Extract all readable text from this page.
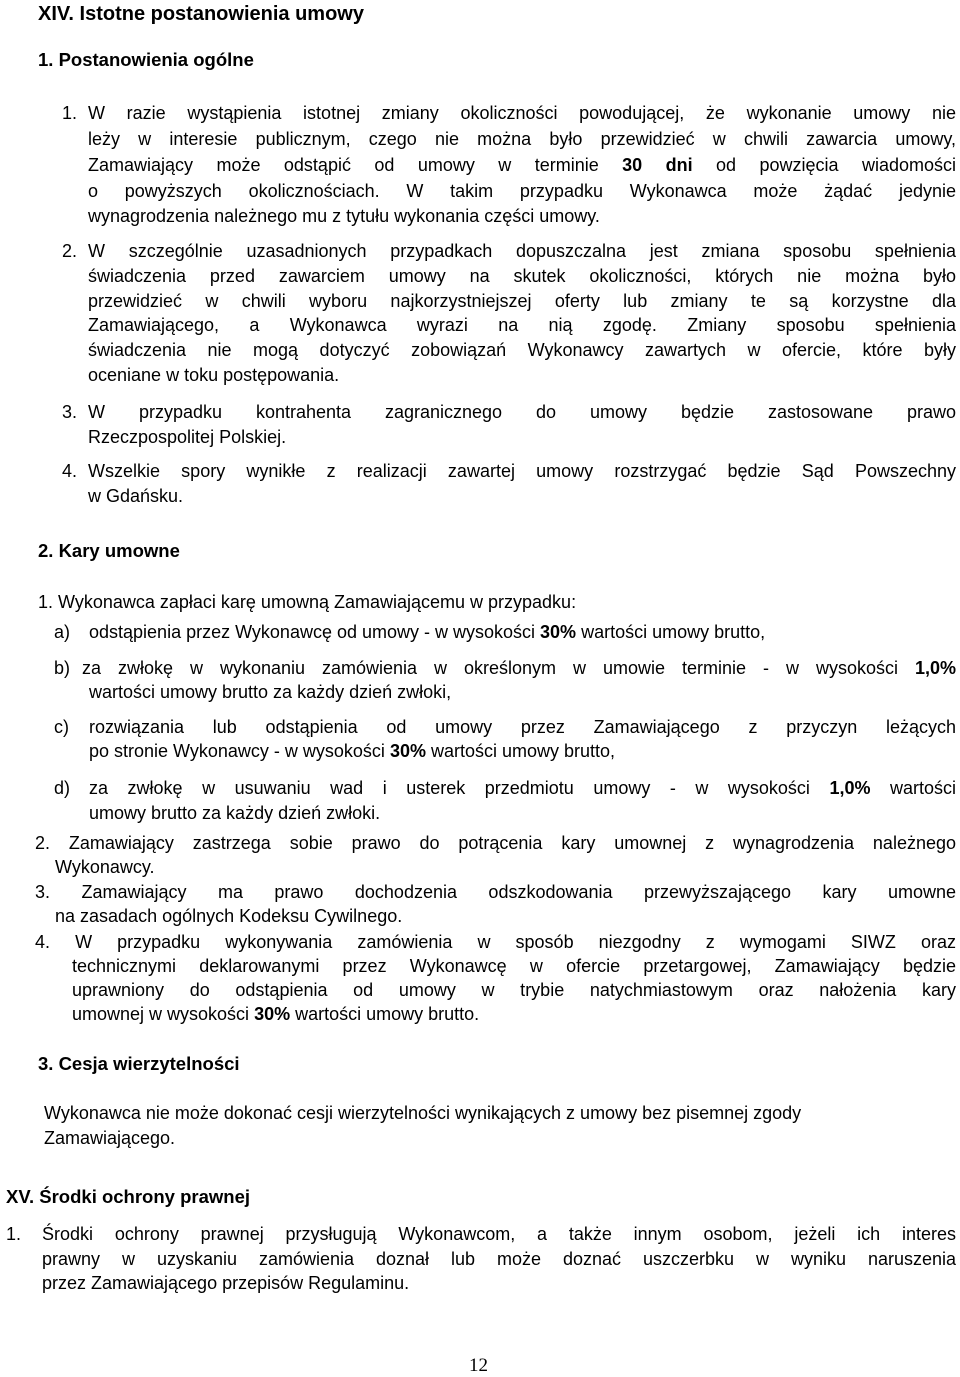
XIV. Istotne postanowienia umowy
1. Postanowienia ogólne
1. W razie wystąpienia istotnej zmiany okoliczności powodującej, że wykonanie umowy nie
leży w interesie publicznym, czego nie można było przewidzieć w chwili zawarcia umowy,
Zamawiający może odstąpić od umowy w terminie 30 dni od powzięcia wiadomości
o powyższych okolicznościach. W takim przypadku Wykonawca może żądać jedynie
wynagrodzenia należnego mu z tytułu wykonania części umowy.
2. W szczególnie uzasadnionych przypadkach dopuszczalna jest zmiana sposobu spełnienia
świadczenia przed zawarciem umowy na skutek okoliczności, których nie można było
przewidzieć w chwili wyboru najkorzystniejszej oferty lub zmiany te są korzystne dla
Zamawiającego, a Wykonawca wyrazi na nią zgodę. Zmiany sposobu spełnienia
świadczenia nie mogą dotyczyć zobowiązań Wykonawcy zawartych w ofercie, które były
oceniane w toku postępowania.
3. W przypadku kontrahenta zagranicznego do umowy będzie zastosowane prawo
Rzeczpospolitej Polskiej.
4. Wszelkie spory wynikłe z realizacji zawartej umowy rozstrzygać będzie Sąd Powszechny
w Gdańsku.
2. Kary umowne
1. Wykonawca zapłaci karę umowną Zamawiającemu w przypadku:
a) odstąpienia przez Wykonawcę od umowy - w wysokości 30% wartości umowy brutto,
b) za zwłokę w wykonaniu zamówienia w określonym w umowie terminie - w wysokości 1,0%
wartości umowy brutto za każdy dzień zwłoki,
c) rozwiązania lub odstąpienia od umowy przez Zamawiającego z przyczyn leżących
po stronie Wykonawcy - w wysokości 30% wartości umowy brutto,
d) za zwłokę w usuwaniu wad i usterek przedmiotu umowy - w wysokości 1,0% wartości
umowy brutto za każdy dzień zwłoki.
2. Zamawiający zastrzega sobie prawo do potrącenia kary umownej z wynagrodzenia należnego
Wykonawcy.
3. Zamawiający ma prawo dochodzenia odszkodowania przewyższającego kary umowne
na zasadach ogólnych Kodeksu Cywilnego.
4. W przypadku wykonywania zamówienia w sposób niezgodny z wymogami SIWZ oraz
technicznymi deklarowanymi przez Wykonawcę w ofercie przetargowej, Zamawiający będzie
uprawniony do odstąpienia od umowy w trybie natychmiastowym oraz nałożenia kary
umownej w wysokości 30% wartości umowy brutto.
3. Cesja wierzytelności
Wykonawca nie może dokonać cesji wierzytelności wynikających z umowy bez pisemnej zgody
Zamawiającego.
XV. Środki ochrony prawnej
1. Środki ochrony prawnej przysługują Wykonawcom, a także innym osobom, jeżeli ich interes
prawny w uzyskaniu zamówienia doznał lub może doznać uszczerbku w wyniku naruszenia
przez Zamawiającego przepisów Regulaminu.
12
